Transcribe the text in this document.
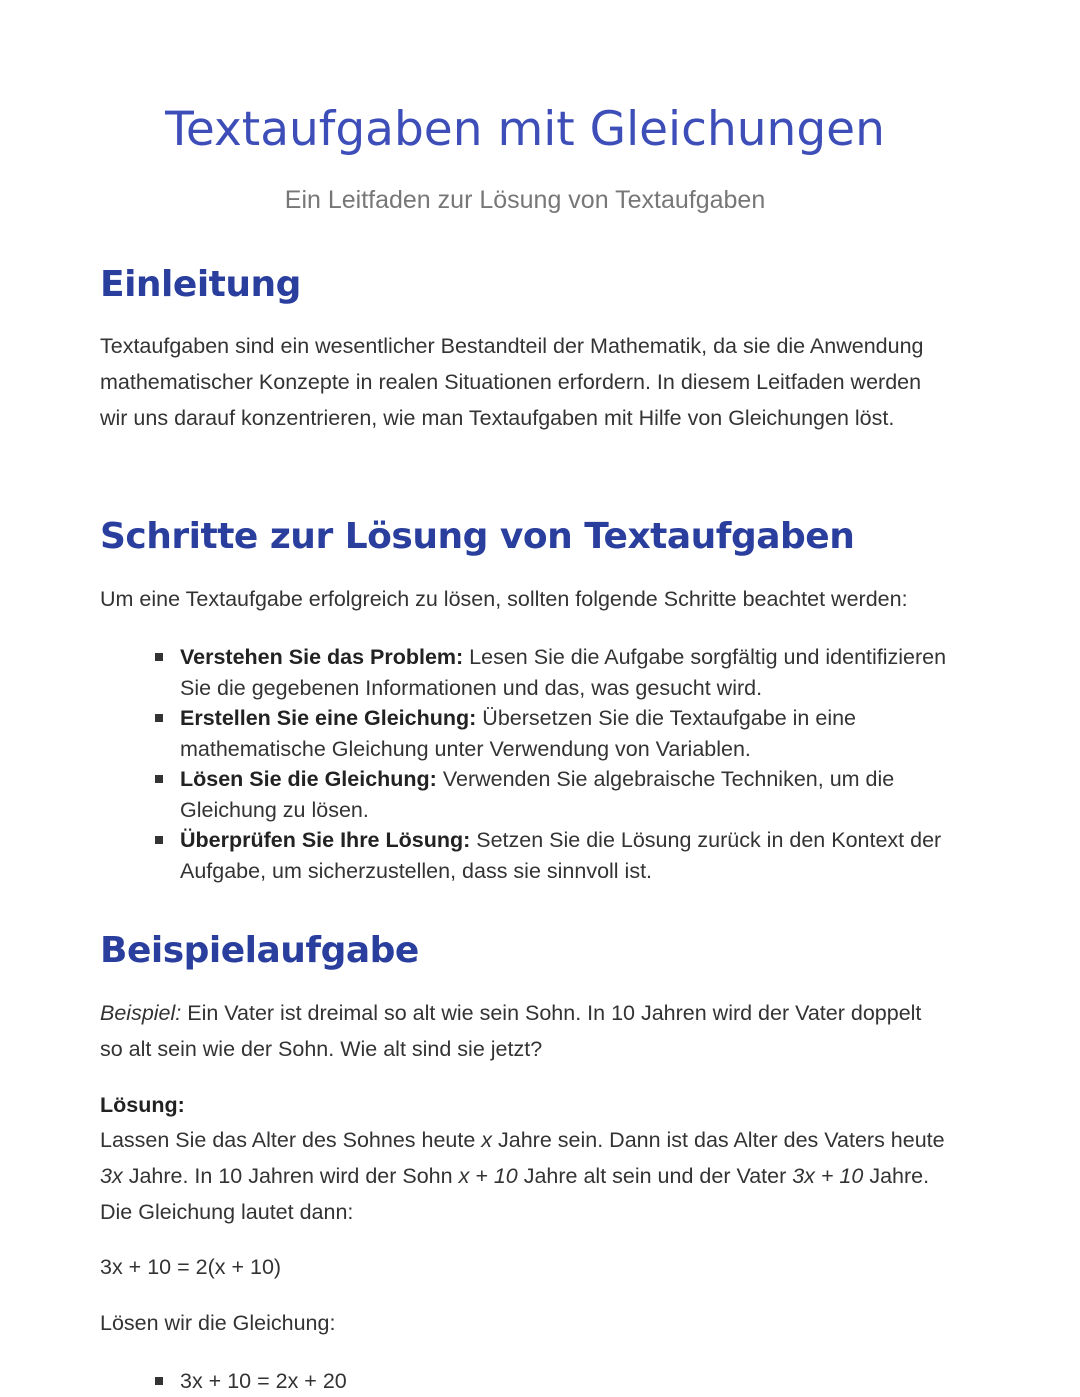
Textaufgaben mit Gleichungen
Ein Leitfaden zur Lösung von Textaufgaben
Einleitung

Textaufgaben sind ein wesentlicher Bestandteil der Mathematik, da sie die Anwendung mathematischer Konzepte in realen Situationen erfordern. In diesem Leitfaden werden wir uns darauf konzentrieren, wie man Textaufgaben mit Hilfe von Gleichungen löst.

Schritte zur Lösung von Textaufgaben

Um eine Textaufgabe erfolgreich zu lösen, sollten folgende Schritte beachtet werden:

Verstehen Sie das Problem: Lesen Sie die Aufgabe sorgfältig und identifizieren Sie die gegebenen Informationen und das, was gesucht wird.
Erstellen Sie eine Gleichung: Übersetzen Sie die Textaufgabe in eine mathematische Gleichung unter Verwendung von Variablen.
Lösen Sie die Gleichung: Verwenden Sie algebraische Techniken, um die Gleichung zu lösen.
Überprüfen Sie Ihre Lösung: Setzen Sie die Lösung zurück in den Kontext der Aufgabe, um sicherzustellen, dass sie sinnvoll ist.
Beispielaufgabe

Beispiel: Ein Vater ist dreimal so alt wie sein Sohn. In 10 Jahren wird der Vater doppelt so alt sein wie der Sohn. Wie alt sind sie jetzt?

Lösung:

Lassen Sie das Alter des Sohnes heute x Jahre sein. Dann ist das Alter des Vaters heute 3x Jahre. In 10 Jahren wird der Sohn x + 10 Jahre alt sein und der Vater 3x + 10 Jahre. Die Gleichung lautet dann:

3x + 10 = 2(x + 10)

Lösen wir die Gleichung:

3x + 10 = 2x + 20
